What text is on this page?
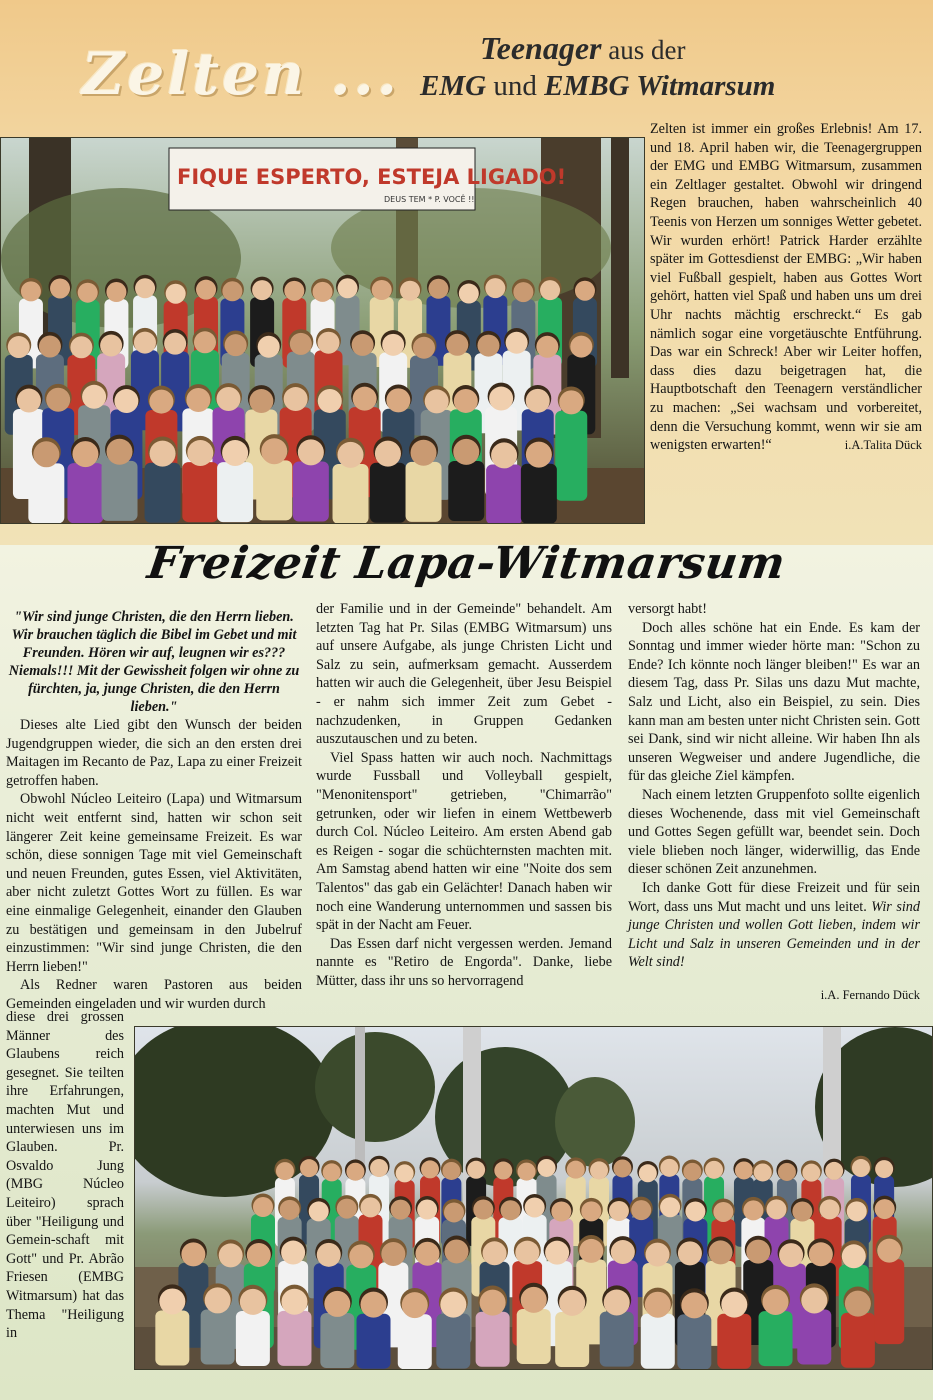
Zelten ...	Teenager aus der
EMG und EMBG Witmarsum
FIQUE ESPERTO, ESTEJA LIGADO!
DEUS TEM * P. VOCÊ !!

Zelten ist immer ein großes Erlebnis! Am 17. und 18. April haben wir, die Teenagergruppen der EMG und EMBG Witmarsum, zusammen ein Zeltlager gestaltet. Obwohl wir dringend Regen brauchen, haben wahrscheinlich 40 Teenis von Herzen um sonniges Wetter gebetet. Wir wurden erhört! Patrick Harder erzählte später im Gottesdienst der EMBG: „Wir haben viel Fußball gespielt, haben aus Gottes Wort gehört, hatten viel Spaß und haben uns um drei Uhr nachts mächtig erschreckt.“ Es gab nämlich sogar eine vorgetäuschte Entführung. Das war ein Schreck! Aber wir Leiter hoffen, dass dies dazu beigetragen hat, die Hauptbotschaft den Teenagern verständlicher zu machen: „Sei wachsam und vorbereitet, denn die Versuchung kommt, wenn wir sie am wenigsten erwarten!“	i.A.Talita Dück

Freizeit Lapa-Witmarsum

"Wir sind junge Christen, die den Herrn lieben. Wir brauchen täglich die Bibel im Gebet und mit Freunden. Hören wir auf, leugnen wir es??? Niemals!!! Mit der Gewissheit folgen wir ohne zu fürchten, ja, junge Christen, die den Herrn lieben."

Dieses alte Lied gibt den Wunsch der beiden Jugendgruppen wieder, die sich an den ersten drei Maitagen im Recanto de Paz, Lapa zu einer Freizeit getroffen haben.

Obwohl Núcleo Leiteiro (Lapa) und Witmarsum nicht weit entfernt sind, hatten wir schon seit längerer Zeit keine gemeinsame Freizeit. Es war schön, diese sonnigen Tage mit viel Gemeinschaft und neuen Freunden, gutes Essen, viel Aktivitäten, aber nicht zuletzt Gottes Wort zu füllen. Es war eine einmalige Gelegenheit, einander den Glauben zu bestätigen und gemeinsam in den Jubelruf einzustimmen: "Wir sind junge Christen, die den Herrn lieben!"

Als Redner waren Pastoren aus beiden Gemeinden eingeladen und wir wurden durch

diese drei grossen Männer des Glaubens reich gesegnet. Sie teilten ihre Erfahrungen, machten Mut und unterwiesen uns im Glauben. Pr. Osvaldo Jung (MBG Núcleo Leiteiro) sprach über "Heiligung und Gemein-schaft mit Gott" und Pr. Abrão Friesen (EMBG Witmarsum) hat das Thema "Heiligung in

der Familie und in der Gemeinde" behandelt. Am letzten Tag hat Pr. Silas (EMBG Witmarsum) uns auf unsere Aufgabe, als junge Christen Licht und Salz zu sein, aufmerksam gemacht. Ausserdem hatten wir auch die Gelegenheit, über Jesu Beispiel - er nahm sich immer Zeit zum Gebet - nachzudenken, in Gruppen Gedanken auszutauschen und zu beten.

Viel Spass hatten wir auch noch. Nachmittags wurde Fussball und Volleyball gespielt, "Menonitensport" getrieben, "Chimarrão" getrunken, oder wir liefen in einem Wettbewerb durch Col. Núcleo Leiteiro. Am ersten Abend gab es Reigen - sogar die schüchternsten machten mit. Am Samstag abend hatten wir eine "Noite dos sem Talentos" das gab ein Gelächter! Danach haben wir noch eine Wanderung unternommen und sassen bis spät in der Nacht am Feuer.

Das Essen darf nicht vergessen werden. Jemand nannte es "Retiro de Engorda". Danke, liebe Mütter, dass ihr uns so hervorragend

versorgt habt!

Doch alles schöne hat ein Ende. Es kam der Sonntag und immer wieder hörte man: "Schon zu Ende? Ich könnte noch länger bleiben!" Es war an diesem Tag, dass Pr. Silas uns dazu Mut machte, Salz und Licht, also ein Beispiel, zu sein. Dies kann man am besten unter nicht Christen sein. Gott sei Dank, sind wir nicht alleine. Wir haben Ihn als unseren Wegweiser und andere Jugendliche, die für das gleiche Ziel kämpfen.

Nach einem letzten Gruppenfoto sollte eigenlich dieses Wochenende, dass mit viel Gemeinschaft und Gottes Segen gefüllt war, beendet sein. Doch viele blieben noch länger, widerwillig, das Ende dieser schönen Zeit anzunehmen.

Ich danke Gott für diese Freizeit und für sein Wort, dass uns Mut macht und uns leitet. Wir sind junge Christen und wollen Gott lieben, indem wir Licht und Salz in unseren Gemeinden und in der Welt sind!

i.A. Fernando Dück
